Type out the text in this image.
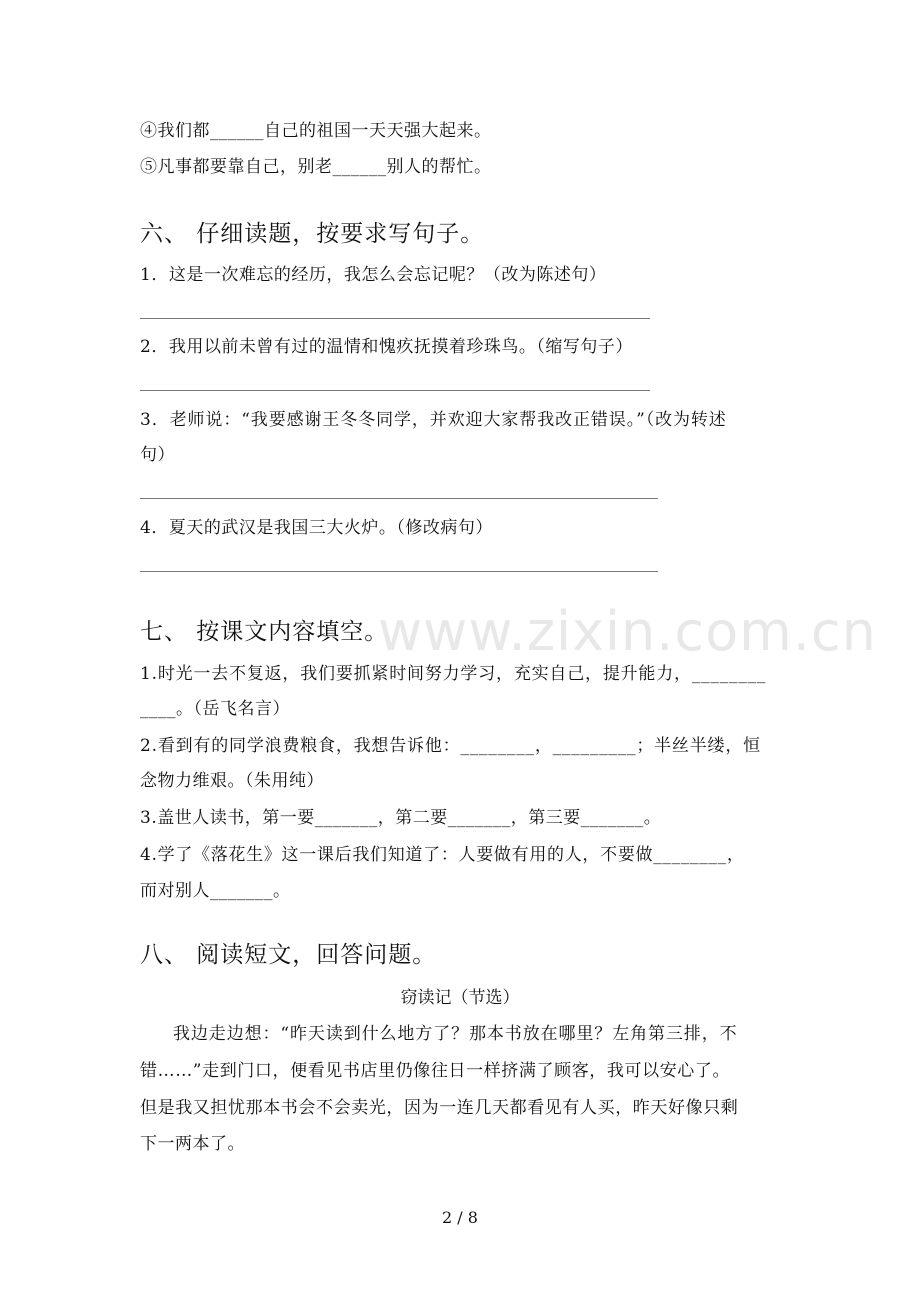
www.zixin.com.cn
④我们都______自己的祖国一天天强大起来。
⑤凡事都要靠自己，别老______别人的帮忙。
六、 仔细读题，按要求写句子。
1．这是一次难忘的经历，我怎么会忘记呢？（改为陈述句）
2．我用以前未曾有过的温情和愧疚抚摸着珍珠鸟。（缩写句子）
3．老师说：“我要感谢王冬冬同学，并欢迎大家帮我改正错误。”（改为转述
句）
4．夏天的武汉是我国三大火炉。（修改病句）
七、 按课文内容填空。
1.时光一去不复返，我们要抓紧时间努力学习，充实自己，提升能力，________
____。（岳飞名言）
2.看到有的同学浪费粮食，我想告诉他：________，_________；半丝半缕，恒
念物力维艰。（朱用纯）
3.盖世人读书，第一要_______，第二要_______，第三要_______。
4.学了《落花生》这一课后我们知道了：人要做有用的人，不要做________，
而对别人_______。
八、 阅读短文，回答问题。
窃读记（节选）
我边走边想：“昨天读到什么地方了？那本书放在哪里？左角第三排，不
错……”走到门口，便看见书店里仍像往日一样挤满了顾客，我可以安心了。
但是我又担忧那本书会不会卖光，因为一连几天都看见有人买，昨天好像只剩
下一两本了。
2 / 8
